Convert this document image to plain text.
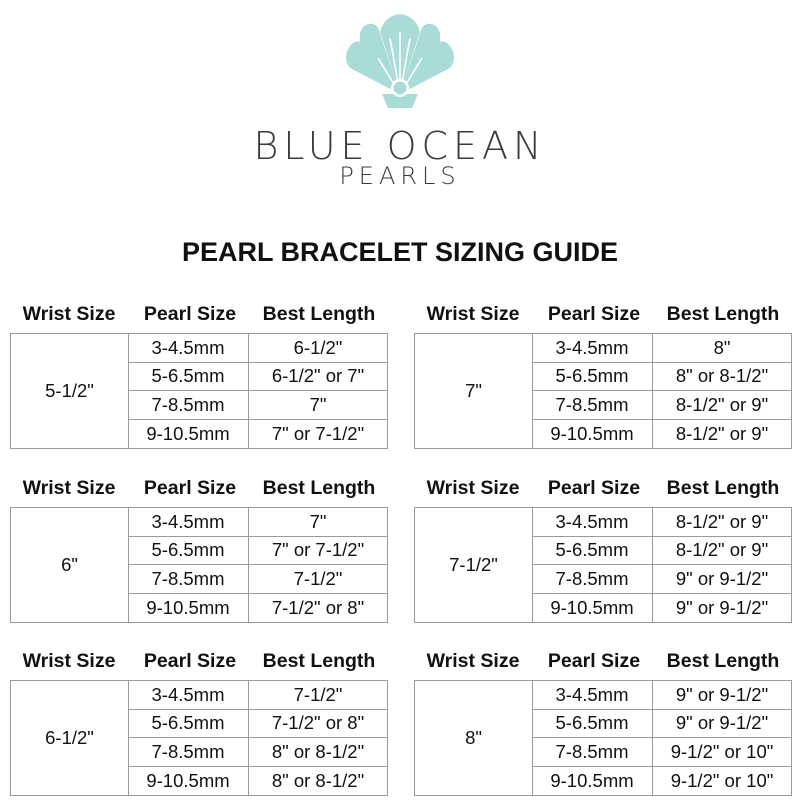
BLUE OCEAN
PEARLS
PEARL BRACELET SIZING GUIDE
Wrist Size	Pearl Size	Best Length
5-1/2"
3-4.5mm	6-1/2"
5-6.5mm	6-1/2" or 7"
7-8.5mm	7"
9-10.5mm	7" or 7-1/2"
Wrist Size	Pearl Size	Best Length
7"
3-4.5mm	8"
5-6.5mm	8" or 8-1/2"
7-8.5mm	8-1/2" or 9"
9-10.5mm	8-1/2" or 9"
Wrist Size	Pearl Size	Best Length
6"
3-4.5mm	7"
5-6.5mm	7" or 7-1/2"
7-8.5mm	7-1/2"
9-10.5mm	7-1/2" or 8"
Wrist Size	Pearl Size	Best Length
7-1/2"
3-4.5mm	8-1/2" or 9"
5-6.5mm	8-1/2" or 9"
7-8.5mm	9" or 9-1/2"
9-10.5mm	9" or 9-1/2"
Wrist Size	Pearl Size	Best Length
6-1/2"
3-4.5mm	7-1/2"
5-6.5mm	7-1/2" or 8"
7-8.5mm	8" or 8-1/2"
9-10.5mm	8" or 8-1/2"
Wrist Size	Pearl Size	Best Length
8"
3-4.5mm	9" or 9-1/2"
5-6.5mm	9" or 9-1/2"
7-8.5mm	9-1/2" or 10"
9-10.5mm	9-1/2" or 10"
